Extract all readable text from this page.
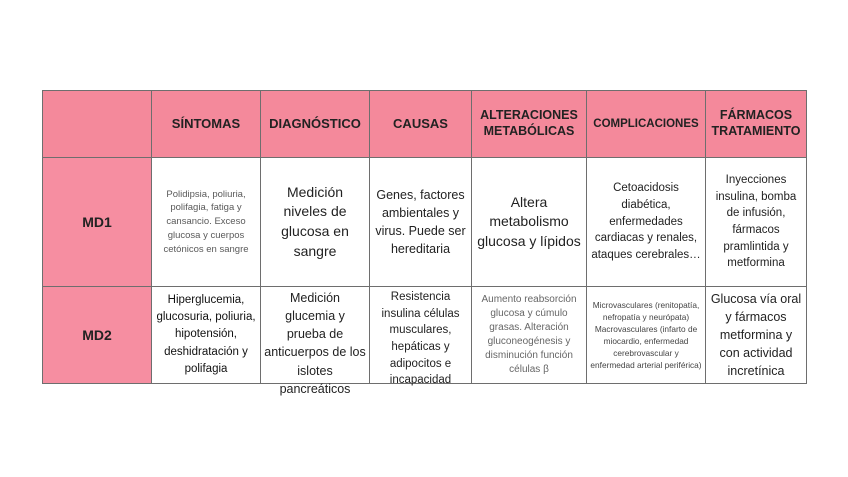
	SÍNTOMAS	DIAGNÓSTICO	CAUSAS	ALTERACIONES METABÓLICAS	COMPLICACIONES	FÁRMACOS TRATAMIENTO
MD1	Polidipsia, poliuria, polifagia, fatiga y cansancio. Exceso glucosa y cuerpos cetónicos en sangre	Medición niveles de glucosa en sangre	Genes, factores ambientales y virus. Puede ser hereditaria	Altera metabolismo glucosa y lípidos	Cetoacidosis diabética, enfermedades cardiacas y renales, ataques cerebrales…	Inyecciones insulina, bomba de infusión, fármacos pramlintida y metformina

MD2	Hiperglucemia, glucosuria, poliuria, hipotensión, deshidratación y polifagia	Medición glucemia y prueba de anticuerpos de los islotes pancreáticos	Resistencia insulina células musculares, hepáticas y adipocitos e incapacidad	Aumento reabsorción glucosa y cúmulo grasas. Alteración gluconeogénesis y disminución función células β	Microvasculares (renitopatía, nefropatía y neurópata) Macrovasculares (infarto de miocardio, enfermedad cerebrovascular y enfermedad arterial periférica)	Glucosa vía oral y fármacos metformina y con actividad incretínica
